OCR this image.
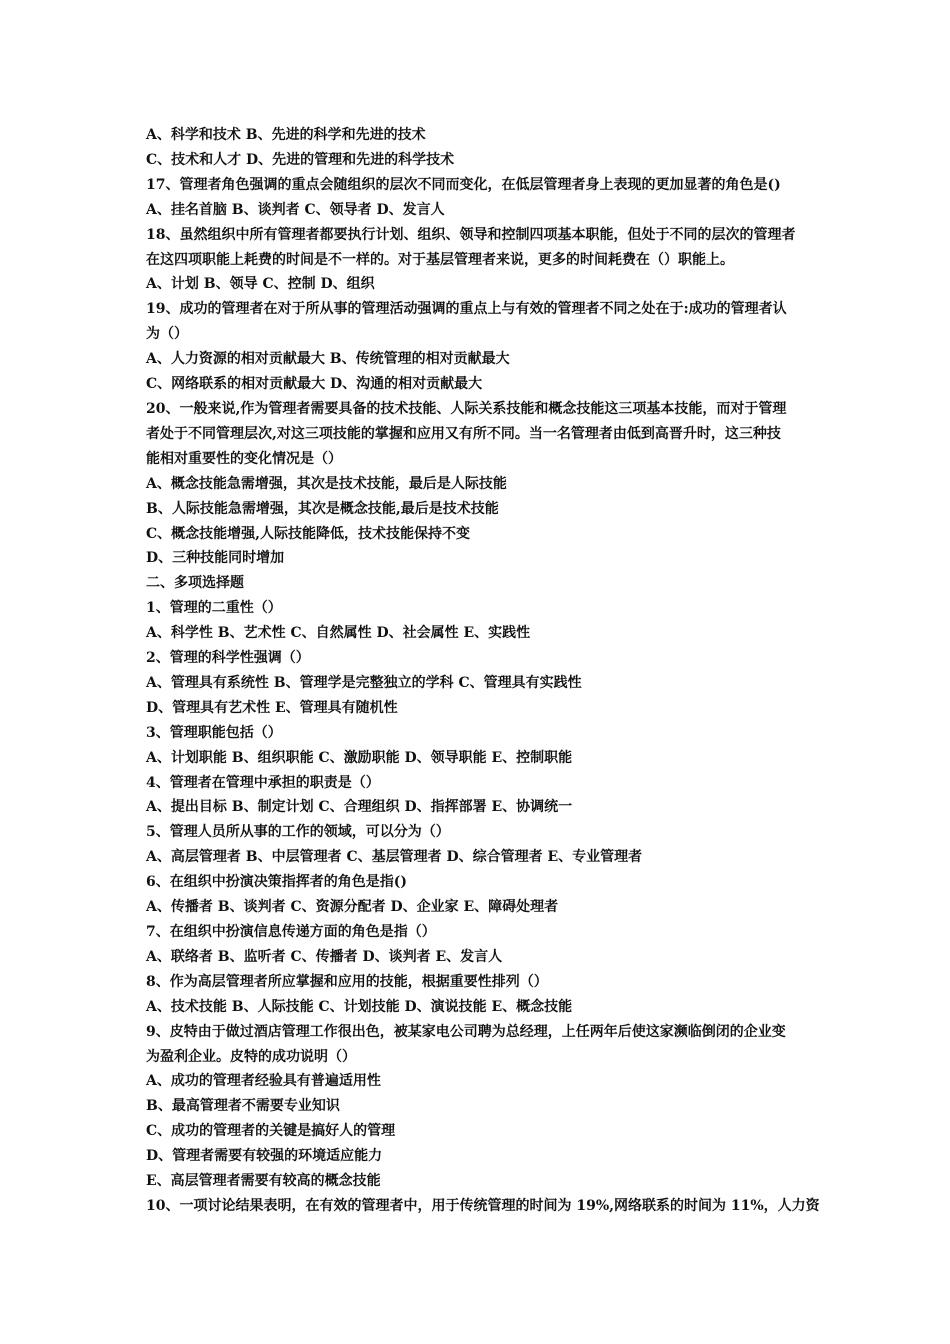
A、科学和技术 B、先进的科学和先进的技术
C、技术和人才 D、先进的管理和先进的科学技术
17、管理者角色强调的重点会随组织的层次不同而变化，在低层管理者身上表现的更加显著的角色是()
A、挂名首脑 B、谈判者 C、领导者 D、发言人
18、虽然组织中所有管理者都要执行计划、组织、领导和控制四项基本职能，但处于不同的层次的管理者
在这四项职能上耗费的时间是不一样的。对于基层管理者来说，更多的时间耗费在（）职能上。
A、计划 B、领导 C、控制 D、组织
19、成功的管理者在对于所从事的管理活动强调的重点上与有效的管理者不同之处在于:成功的管理者认
为（）
A、人力资源的相对贡献最大 B、传统管理的相对贡献最大
C、网络联系的相对贡献最大 D、沟通的相对贡献最大
20、一般来说,作为管理者需要具备的技术技能、人际关系技能和概念技能这三项基本技能，而对于管理
者处于不同管理层次,对这三项技能的掌握和应用又有所不同。当一名管理者由低到高晋升时，这三种技
能相对重要性的变化情况是（）
A、概念技能急需增强，其次是技术技能，最后是人际技能
B、人际技能急需增强，其次是概念技能,最后是技术技能
C、概念技能增强,人际技能降低，技术技能保持不变
D、三种技能同时增加
二、多项选择题
1、管理的二重性（）
A、科学性 B、艺术性 C、自然属性 D、社会属性 E、实践性
2、管理的科学性强调（）
A、管理具有系统性 B、管理学是完整独立的学科 C、管理具有实践性
D、管理具有艺术性 E、管理具有随机性
3、管理职能包括（）
A、计划职能 B、组织职能 C、激励职能 D、领导职能 E、控制职能
4、管理者在管理中承担的职责是（）
A、提出目标 B、制定计划 C、合理组织 D、指挥部署 E、协调统一
5、管理人员所从事的工作的领域，可以分为（）
A、高层管理者 B、中层管理者 C、基层管理者 D、综合管理者 E、专业管理者
6、在组织中扮演决策指挥者的角色是指()
A、传播者 B、谈判者 C、资源分配者 D、企业家 E、障碍处理者
7、在组织中扮演信息传递方面的角色是指（）
A、联络者 B、监听者 C、传播者 D、谈判者 E、发言人
8、作为高层管理者所应掌握和应用的技能，根据重要性排列（）
A、技术技能 B、人际技能 C、计划技能 D、演说技能 E、概念技能
9、皮特由于做过酒店管理工作很出色，被某家电公司聘为总经理，上任两年后使这家濒临倒闭的企业变
为盈利企业。皮特的成功说明（）
A、成功的管理者经验具有普遍适用性
B、最高管理者不需要专业知识
C、成功的管理者的关键是搞好人的管理
D、管理者需要有较强的环境适应能力
E、高层管理者需要有较高的概念技能
10、一项讨论结果表明，在有效的管理者中，用于传统管理的时间为 19%,网络联系的时间为 11%，人力资
